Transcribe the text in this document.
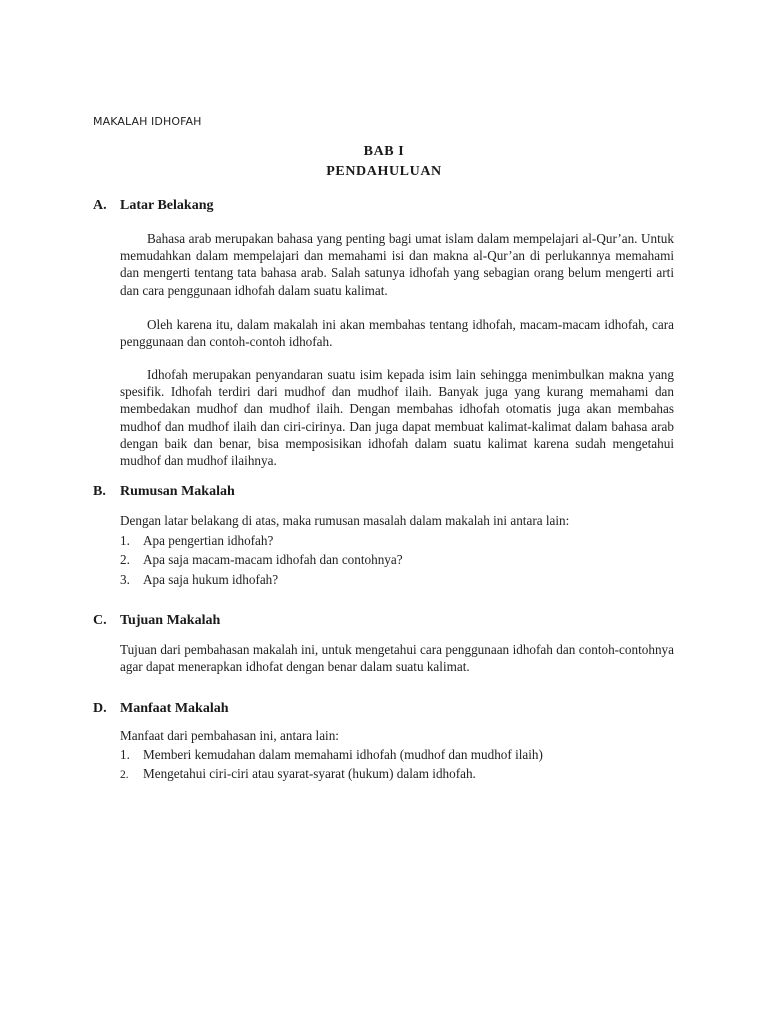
MAKALAH IDHOFAH
BAB I
PENDAHULUAN
A. Latar Belakang

Bahasa arab merupakan bahasa yang penting bagi umat islam dalam mempelajari al-Qur’an. Untuk memudahkan dalam mempelajari dan memahami isi dan makna al-Qur’an di perlukannya memahami dan mengerti tentang tata bahasa arab. Salah satunya idhofah yang sebagian orang belum mengerti arti dan cara penggunaan idhofah dalam suatu kalimat.

Oleh karena itu, dalam makalah ini akan membahas tentang idhofah, macam-macam idhofah, cara penggunaan dan contoh-contoh idhofah.

Idhofah merupakan penyandaran suatu isim kepada isim lain sehingga menimbulkan makna yang spesifik. Idhofah terdiri dari mudhof dan mudhof ilaih. Banyak juga yang kurang memahami dan membedakan mudhof dan mudhof ilaih. Dengan membahas idhofah otomatis juga akan membahas mudhof dan mudhof ilaih dan ciri-cirinya. Dan juga dapat membuat kalimat-kalimat dalam bahasa arab dengan baik dan benar, bisa memposisikan idhofah dalam suatu kalimat karena sudah mengetahui mudhof dan mudhof ilaihnya.

B. Rumusan Makalah
Dengan latar belakang di atas, maka rumusan masalah dalam makalah ini antara lain:
1. Apa pengertian idhofah?
2. Apa saja macam-macam idhofah dan contohnya?
3. Apa saja hukum idhofah?
C. Tujuan Makalah

Tujuan dari pembahasan makalah ini, untuk mengetahui cara penggunaan idhofah dan contoh-contohnya agar dapat menerapkan idhofat dengan benar dalam suatu kalimat.

D. Manfaat Makalah
Manfaat dari pembahasan ini, antara lain:
1. Memberi kemudahan dalam memahami idhofah (mudhof dan mudhof ilaih)
2. Mengetahui ciri-ciri atau syarat-syarat (hukum) dalam idhofah.
